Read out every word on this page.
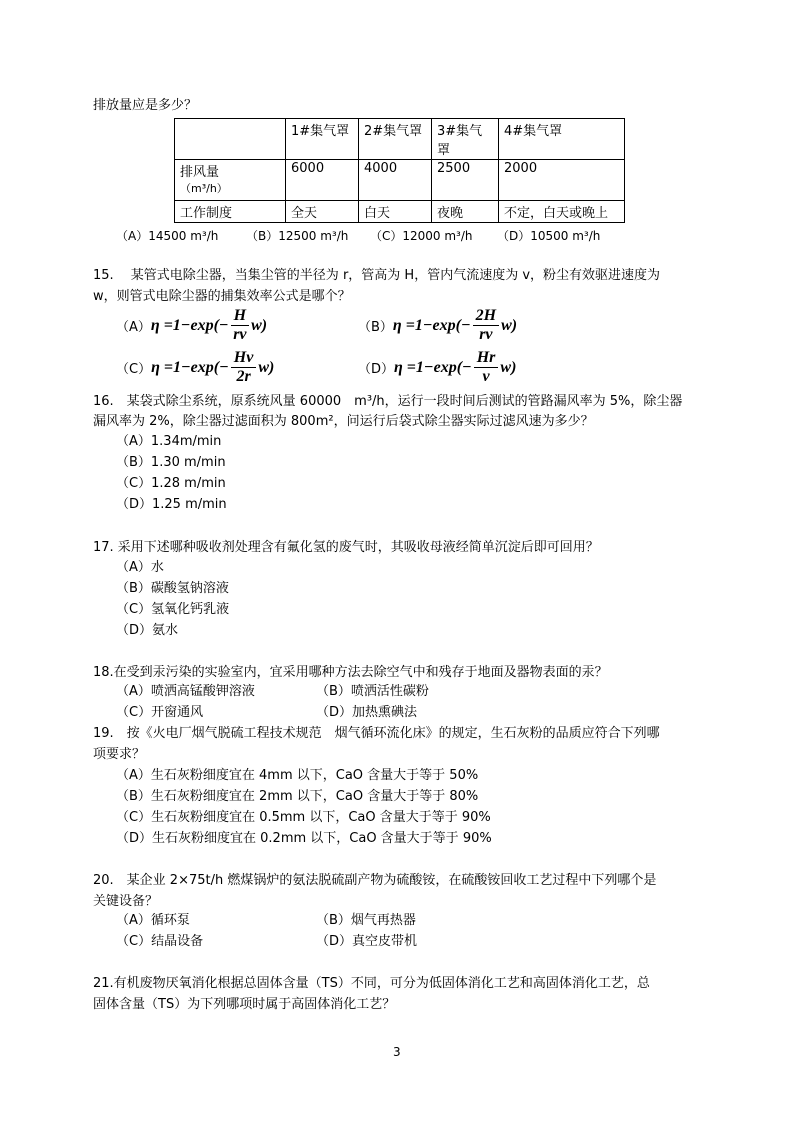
排放量应是多少？
	1#集气罩	2#集气罩	3#集气罩	4#集气罩

排风量
（m³/h）	6000	4000	2500	2000
工作制度	全天	白天	夜晚	不定，白天或晚上
（A）14500 m³/h （B）12500 m³/h （C）12000 m³/h （D）10500 m³/h
15.　 某管式电除尘器，当集尘管的半径为 r，管高为 H，管内气流速度为 v，粉尘有效驱进速度为
w，则管式电除尘器的捕集效率公式是哪个？
（A） $\eta =1-\exp(- \frac{H}{rv} w)$	（B） $\eta =1-\exp(- \frac{2H}{rv} w)$
（C） $\eta =1-\exp(- \frac{Hv}{2r} w)$	（D） $\eta =1-\exp(- \frac{Hr}{v} w)$
16.　某袋式除尘系统，原系统风量 60000　m³/h，运行一段时间后测试的管路漏风率为 5%，除尘器
漏风率为 2%，除尘器过滤面积为 800m²，问运行后袋式除尘器实际过滤风速为多少？
（A）1.34m/min
（B）1.30 m/min
（C）1.28 m/min
（D）1.25 m/min
17. 采用下述哪种吸收剂处理含有氟化氢的废气时，其吸收母液经简单沉淀后即可回用？
（A）水
（B）碳酸氢钠溶液
（C）氢氧化钙乳液
（D）氨水
18.在受到汞污染的实验室内，宜采用哪种方法去除空气中和残存于地面及器物表面的汞？
（A）喷洒高锰酸钾溶液	（B）喷洒活性碳粉
（C）开窗通风	（D）加热熏碘法
19.　按《火电厂烟气脱硫工程技术规范　烟气循环流化床》的规定，生石灰粉的品质应符合下列哪
项要求？
（A）生石灰粉细度宜在 4mm 以下，CaO 含量大于等于 50%
（B）生石灰粉细度宜在 2mm 以下，CaO 含量大于等于 80%
（C）生石灰粉细度宜在 0.5mm 以下，CaO 含量大于等于 90%
（D）生石灰粉细度宜在 0.2mm 以下，CaO 含量大于等于 90%
20.　某企业 2×75t/h 燃煤锅炉的氨法脱硫副产物为硫酸铵，在硫酸铵回收工艺过程中下列哪个是
关键设备？
（A）循环泵	（B）烟气再热器
（C）结晶设备	（D）真空皮带机
21.有机废物厌氧消化根据总固体含量（TS）不同，可分为低固体消化工艺和高固体消化工艺，总
固体含量（TS）为下列哪项时属于高固体消化工艺？
3
